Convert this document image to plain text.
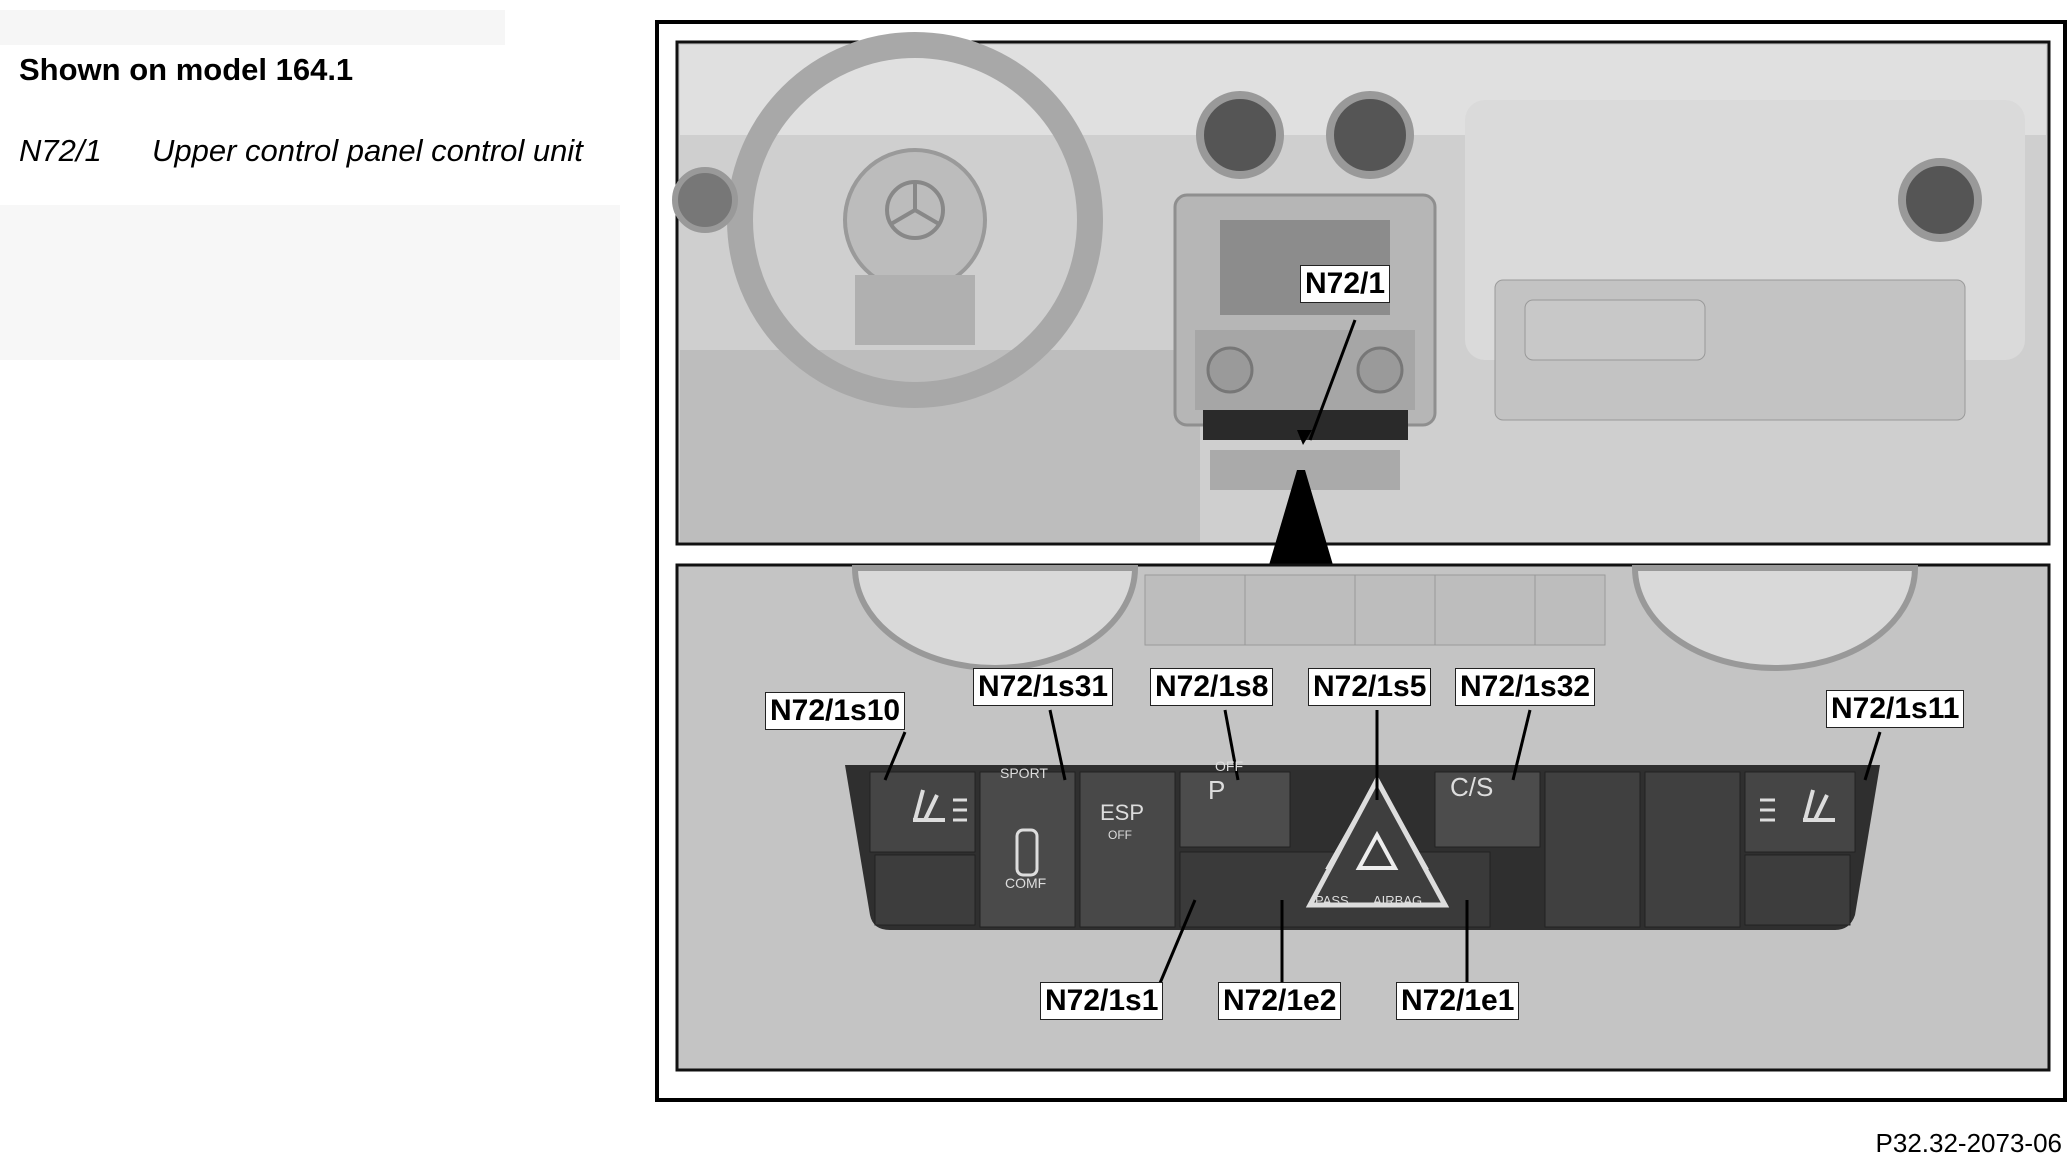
Shown on model 164.1
N72/1 Upper control panel control unit
SPORT
COMF
ESP
OFF
OFF
P	C/S
PASS AIRBAG
N72/1
N72/1s10
N72/1s31 N72/1s8 N72/1s5 N72/1s32
N72/1s11
N72/1s1 N72/1e2 N72/1e1
P32.32-2073-06
